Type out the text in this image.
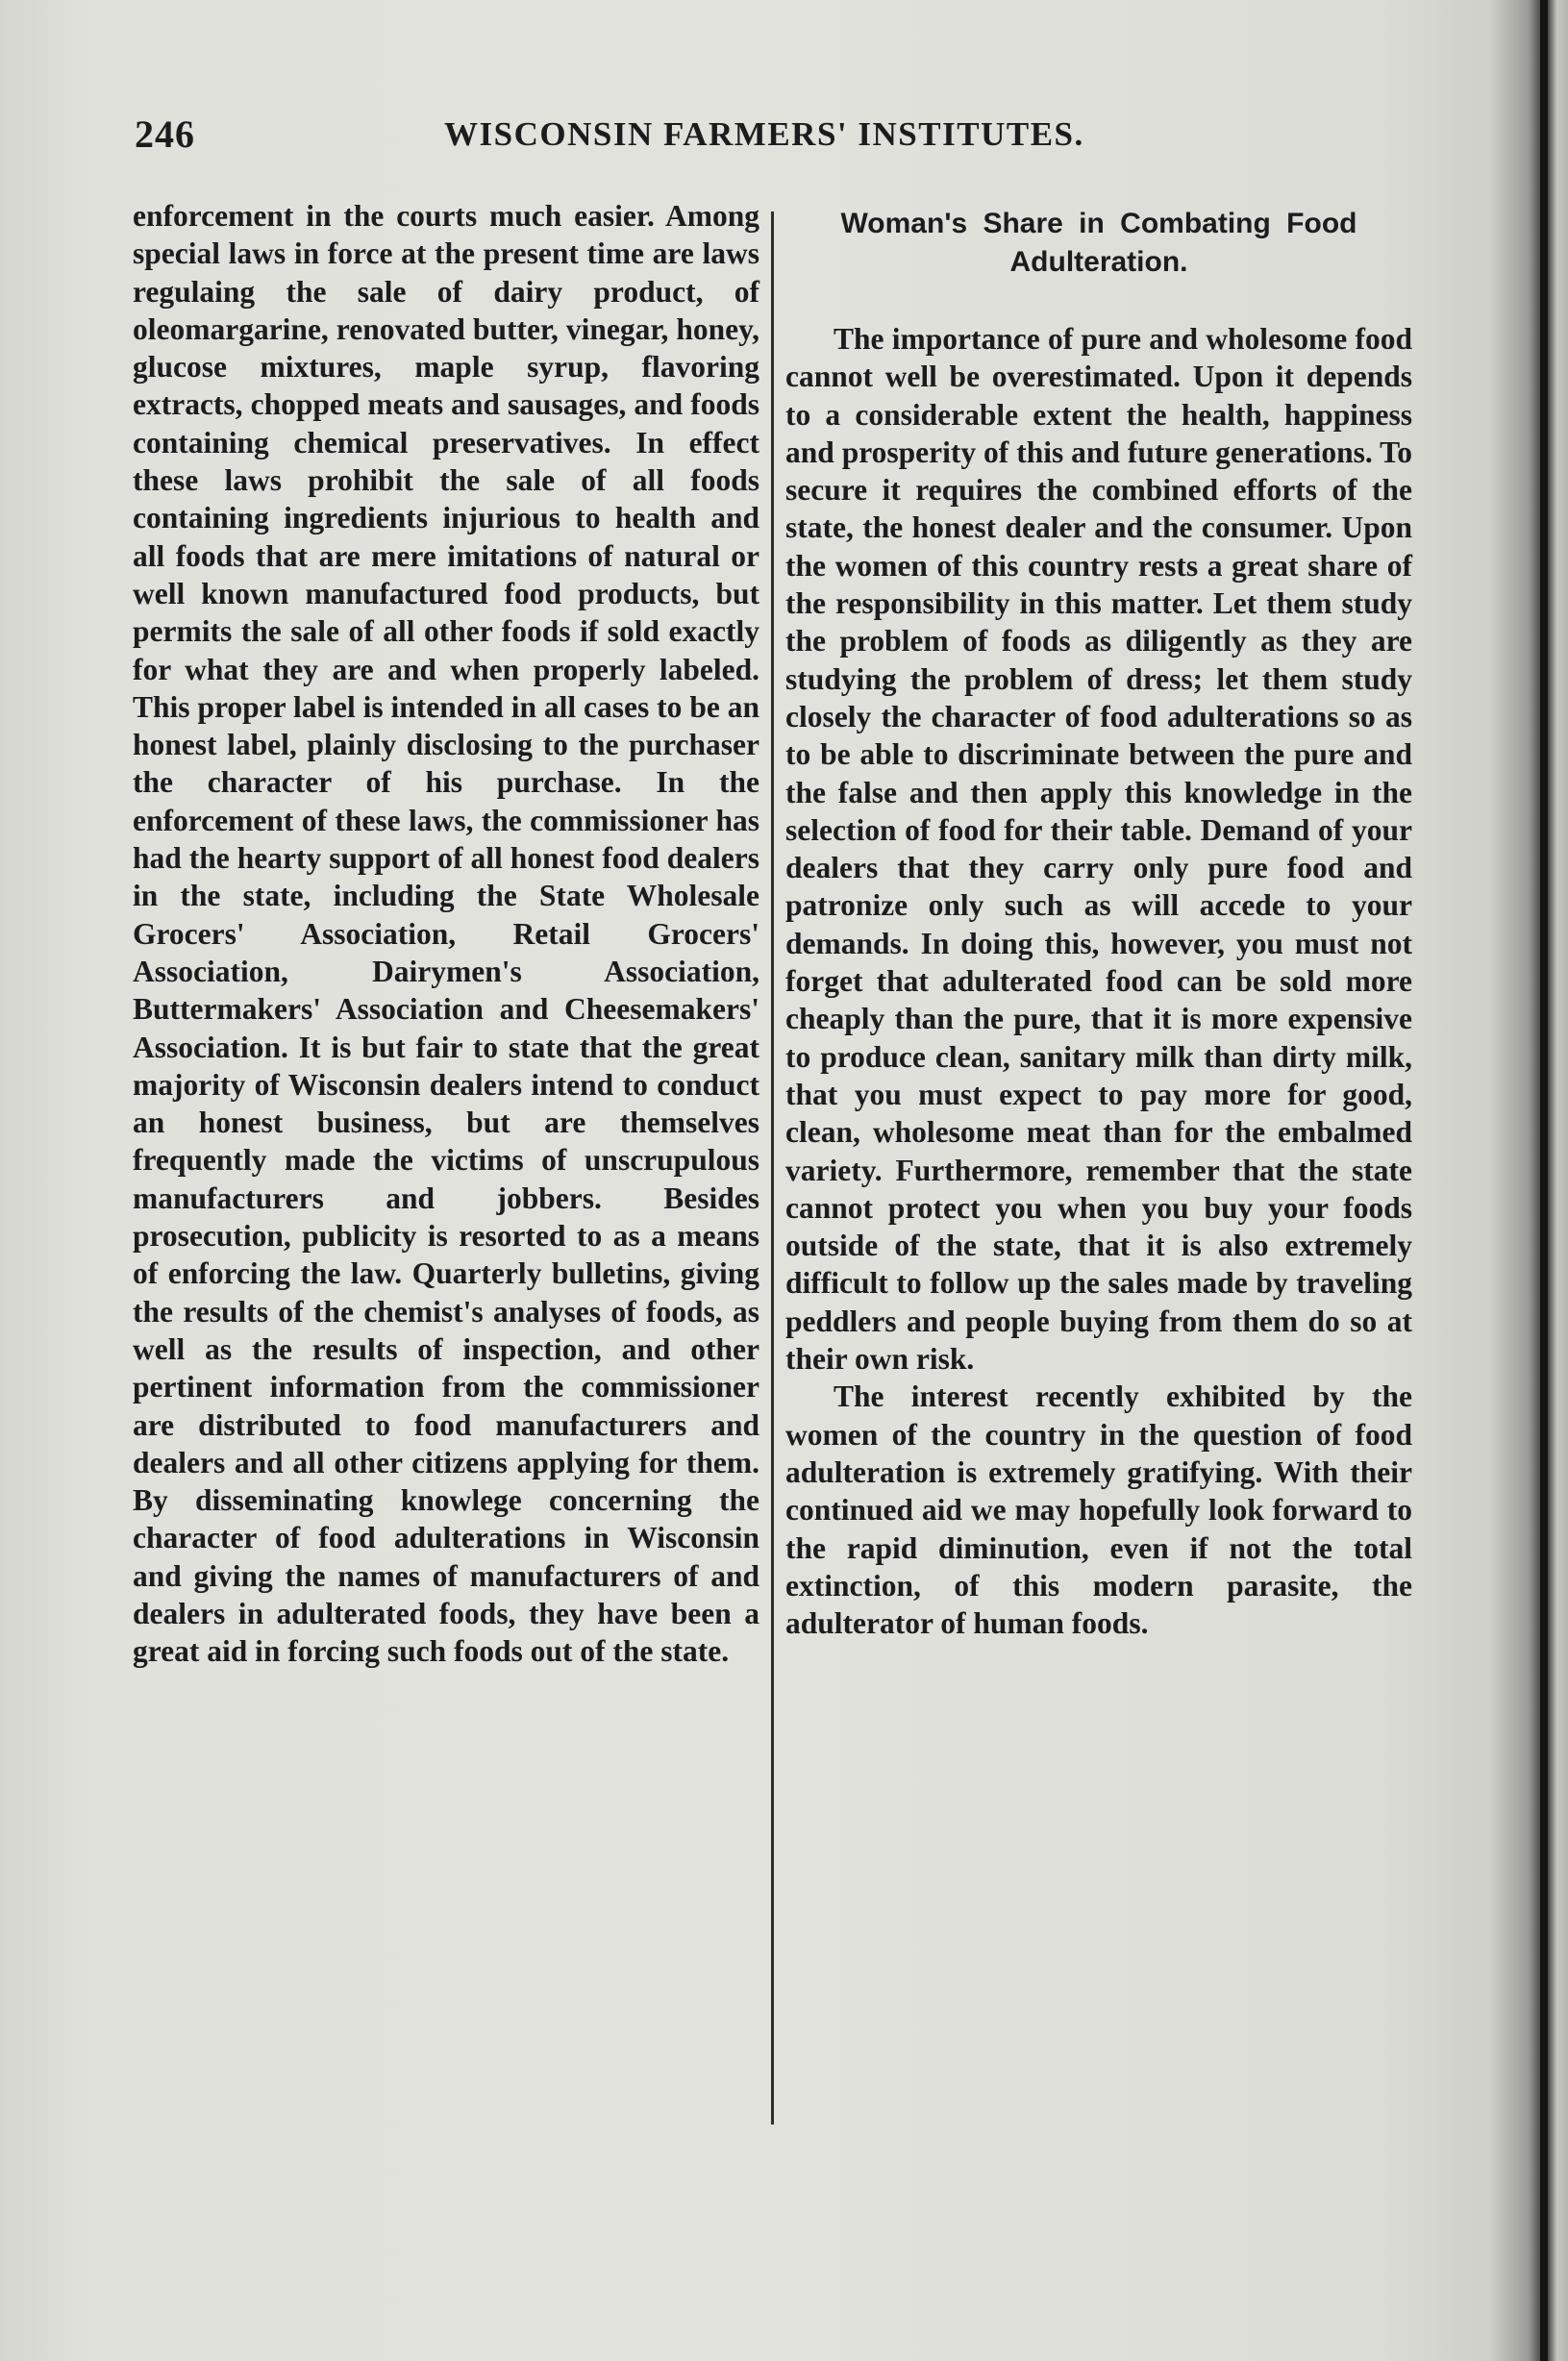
246	WISCONSIN FARMERS' INSTITUTES.

enforcement in the courts much easier. Among special laws in force at the present time are laws regulaing the sale of dairy product, of oleomargarine, renovated butter, vinegar, honey, glucose mixtures, maple syrup, flavoring extracts, chopped meats and sausages, and foods containing chemical preservatives. In effect these laws prohibit the sale of all foods containing ingredients injurious to health and all foods that are mere imitations of natural or well known manufactured food products, but permits the sale of all other foods if sold exactly for what they are and when properly labeled. This proper label is intended in all cases to be an honest label, plainly disclosing to the purchaser the character of his purchase. In the enforcement of these laws, the commissioner has had the hearty support of all honest food dealers in the state, including the State Wholesale Grocers' Association, Retail Grocers' Association, Dairymen's Association, Buttermakers' Association and Cheesemakers' Association. It is but fair to state that the great majority of Wisconsin dealers intend to conduct an honest business, but are themselves frequently made the victims of unscrupulous manufacturers and jobbers. Besides prosecution, publicity is resorted to as a means of enforcing the law. Quarterly bulletins, giving the results of the chemist's analyses of foods, as well as the results of inspection, and other pertinent information from the commissioner are distributed to food manufacturers and dealers and all other citizens applying for them. By disseminating knowlege concerning the character of food adulterations in Wisconsin and giving the names of manufacturers of and dealers in adulterated foods, they have been a great aid in forcing such foods out of the state.

Woman's Share in Combating Food Adulteration.

The importance of pure and wholesome food cannot well be overestimated. Upon it depends to a considerable extent the health, happiness and prosperity of this and future generations. To secure it requires the combined efforts of the state, the honest dealer and the consumer. Upon the women of this country rests a great share of the responsibility in this matter. Let them study the problem of foods as diligently as they are studying the problem of dress; let them study closely the character of food adulterations so as to be able to discriminate between the pure and the false and then apply this knowledge in the selection of food for their table. Demand of your dealers that they carry only pure food and patronize only such as will accede to your demands. In doing this, however, you must not forget that adulterated food can be sold more cheaply than the pure, that it is more expensive to produce clean, sanitary milk than dirty milk, that you must expect to pay more for good, clean, wholesome meat than for the embalmed variety. Furthermore, remember that the state cannot protect you when you buy your foods outside of the state, that it is also extremely difficult to follow up the sales made by traveling peddlers and people buying from them do so at their own risk.

The interest recently exhibited by the women of the country in the question of food adulteration is extremely gratifying. With their continued aid we may hopefully look forward to the rapid diminution, even if not the total extinction, of this modern parasite, the adulterator of human foods.
